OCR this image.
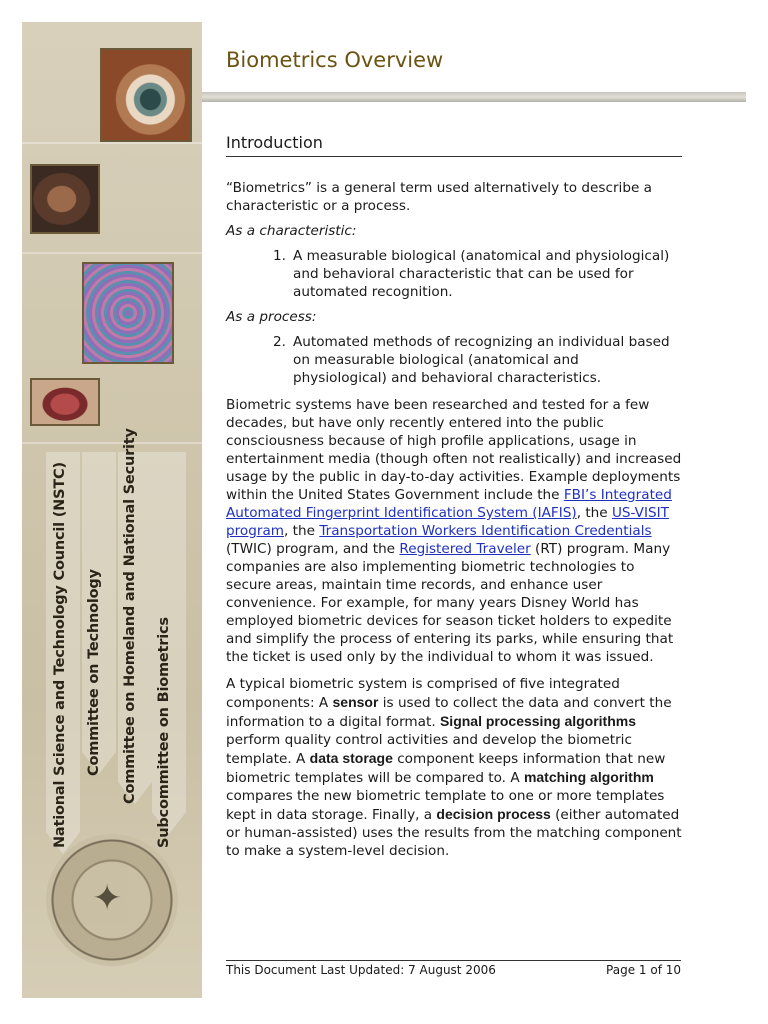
National Science and Technology Council (NSTC) Committee on Technology Committee on Homeland and National Security Subcommittee on Biometrics
✦
Biometrics Overview
Introduction

“Biometrics” is a general term used alternatively to describe a characteristic or a process.

As a characteristic:

1. A measurable biological (anatomical and physiological) and behavioral characteristic that can be used for automated recognition.

As a process:

2. Automated methods of recognizing an individual based on measurable biological (anatomical and physiological) and behavioral characteristics.

Biometric systems have been researched and tested for a few decades, but have only recently entered into the public consciousness because of high profile applications, usage in entertainment media (though often not realistically) and increased usage by the public in day-to-day activities. Example deployments within the United States Government include the FBI’s Integrated Automated Fingerprint Identification System (IAFIS), the US-VISIT program, the Transportation Workers Identification Credentials (TWIC) program, and the Registered Traveler (RT) program. Many companies are also implementing biometric technologies to secure areas, maintain time records, and enhance user convenience. For example, for many years Disney World has employed biometric devices for season ticket holders to expedite and simplify the process of entering its parks, while ensuring that the ticket is used only by the individual to whom it was issued.

A typical biometric system is comprised of five integrated components: A sensor is used to collect the data and convert the information to a digital format. Signal processing algorithms perform quality control activities and develop the biometric template. A data storage component keeps information that new biometric templates will be compared to. A matching algorithm compares the new biometric template to one or more templates kept in data storage. Finally, a decision process (either automated or human-assisted) uses the results from the matching component to make a system-level decision.

This Document Last Updated: 7 August 2006	Page 1 of 10
